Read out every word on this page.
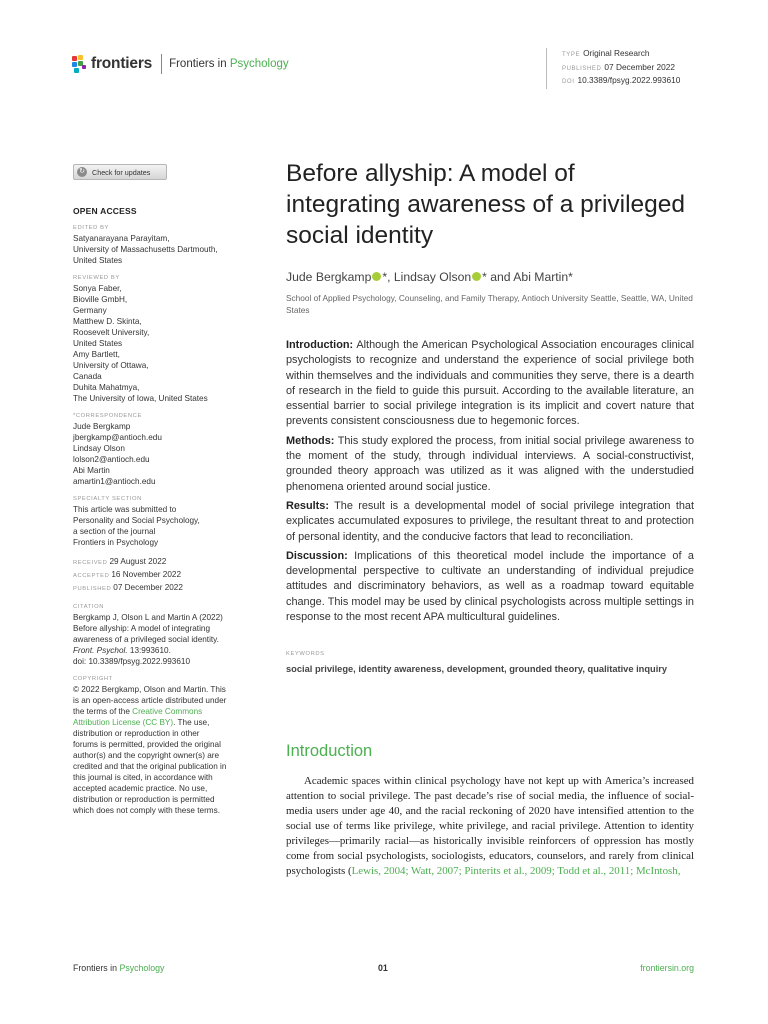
frontiers Frontiers in Psychology
TYPE Original Research
PUBLISHED 07 December 2022
DOI 10.3389/fpsyg.2022.993610
↻ Check for updates
OPEN ACCESS
EDITED BY
Satyanarayana Parayitam,
University of Massachusetts Dartmouth,
United States
REVIEWED BY
Sonya Faber,
Bioville GmbH,
Germany
Matthew D. Skinta,
Roosevelt University,
United States
Amy Bartlett,
University of Ottawa,
Canada
Duhita Mahatmya,
The University of Iowa, United States
*CORRESPONDENCE
Jude Bergkamp
jbergkamp@antioch.edu
Lindsay Olson
lolson2@antioch.edu
Abi Martin
amartin1@antioch.edu
SPECIALTY SECTION
This article was submitted to
Personality and Social Psychology,
a section of the journal
Frontiers in Psychology
RECEIVED 29 August 2022
ACCEPTED 16 November 2022
PUBLISHED 07 December 2022
CITATION
Bergkamp J, Olson L and Martin A (2022)
Before allyship: A model of integrating
awareness of a privileged social identity.
Front. Psychol. 13:993610.
doi: 10.3389/fpsyg.2022.993610
COPYRIGHT
© 2022 Bergkamp, Olson and Martin. This
is an open-access article distributed under
the terms of the Creative Commons
Attribution License (CC BY). The use,
distribution or reproduction in other
forums is permitted, provided the original
author(s) and the copyright owner(s) are
credited and that the original publication in
this journal is cited, in accordance with
accepted academic practice. No use,
distribution or reproduction is permitted
which does not comply with these terms.
Before allyship: A model of integrating awareness of a privileged social identity
Jude Bergkamp *, Lindsay Olson * and Abi Martin*
School of Applied Psychology, Counseling, and Family Therapy, Antioch University Seattle, Seattle, WA, United States

Introduction: Although the American Psychological Association encourages clinical psychologists to recognize and understand the experience of social privilege both within themselves and the individuals and communities they serve, there is a dearth of research in the field to guide this pursuit. According to the available literature, an essential barrier to social privilege integration is its implicit and covert nature that prevents consistent consciousness due to hegemonic forces.

Methods: This study explored the process, from initial social privilege awareness to the moment of the study, through individual interviews. A social-constructivist, grounded theory approach was utilized as it was aligned with the understudied phenomena oriented around social justice.

Results: The result is a developmental model of social privilege integration that explicates accumulated exposures to privilege, the resultant threat to and protection of personal identity, and the conducive factors that lead to reconciliation.

Discussion: Implications of this theoretical model include the importance of a developmental perspective to cultivate an understanding of individual prejudice attitudes and discriminatory behaviors, as well as a roadmap toward equitable change. This model may be used by clinical psychologists across multiple settings in response to the most recent APA multicultural guidelines.

KEYWORDS
social privilege, identity awareness, development, grounded theory, qualitative inquiry
Introduction
Academic spaces within clinical psychology have not kept up with America’s increased attention to social privilege. The past decade’s rise of social media, the influence of social-media users under age 40, and the racial reckoning of 2020 have intensified attention to the social use of terms like privilege, white privilege, and racial privilege. Attention to identity privileges—primarily racial—as historically invisible reinforcers of oppression has mostly come from social psychologists, sociologists, educators, counselors, and rarely from clinical psychologists (Lewis, 2004; Watt, 2007; Pinterits et al., 2009; Todd et al., 2011; McIntosh,
Frontiers in Psychology	01	frontiersin.org
